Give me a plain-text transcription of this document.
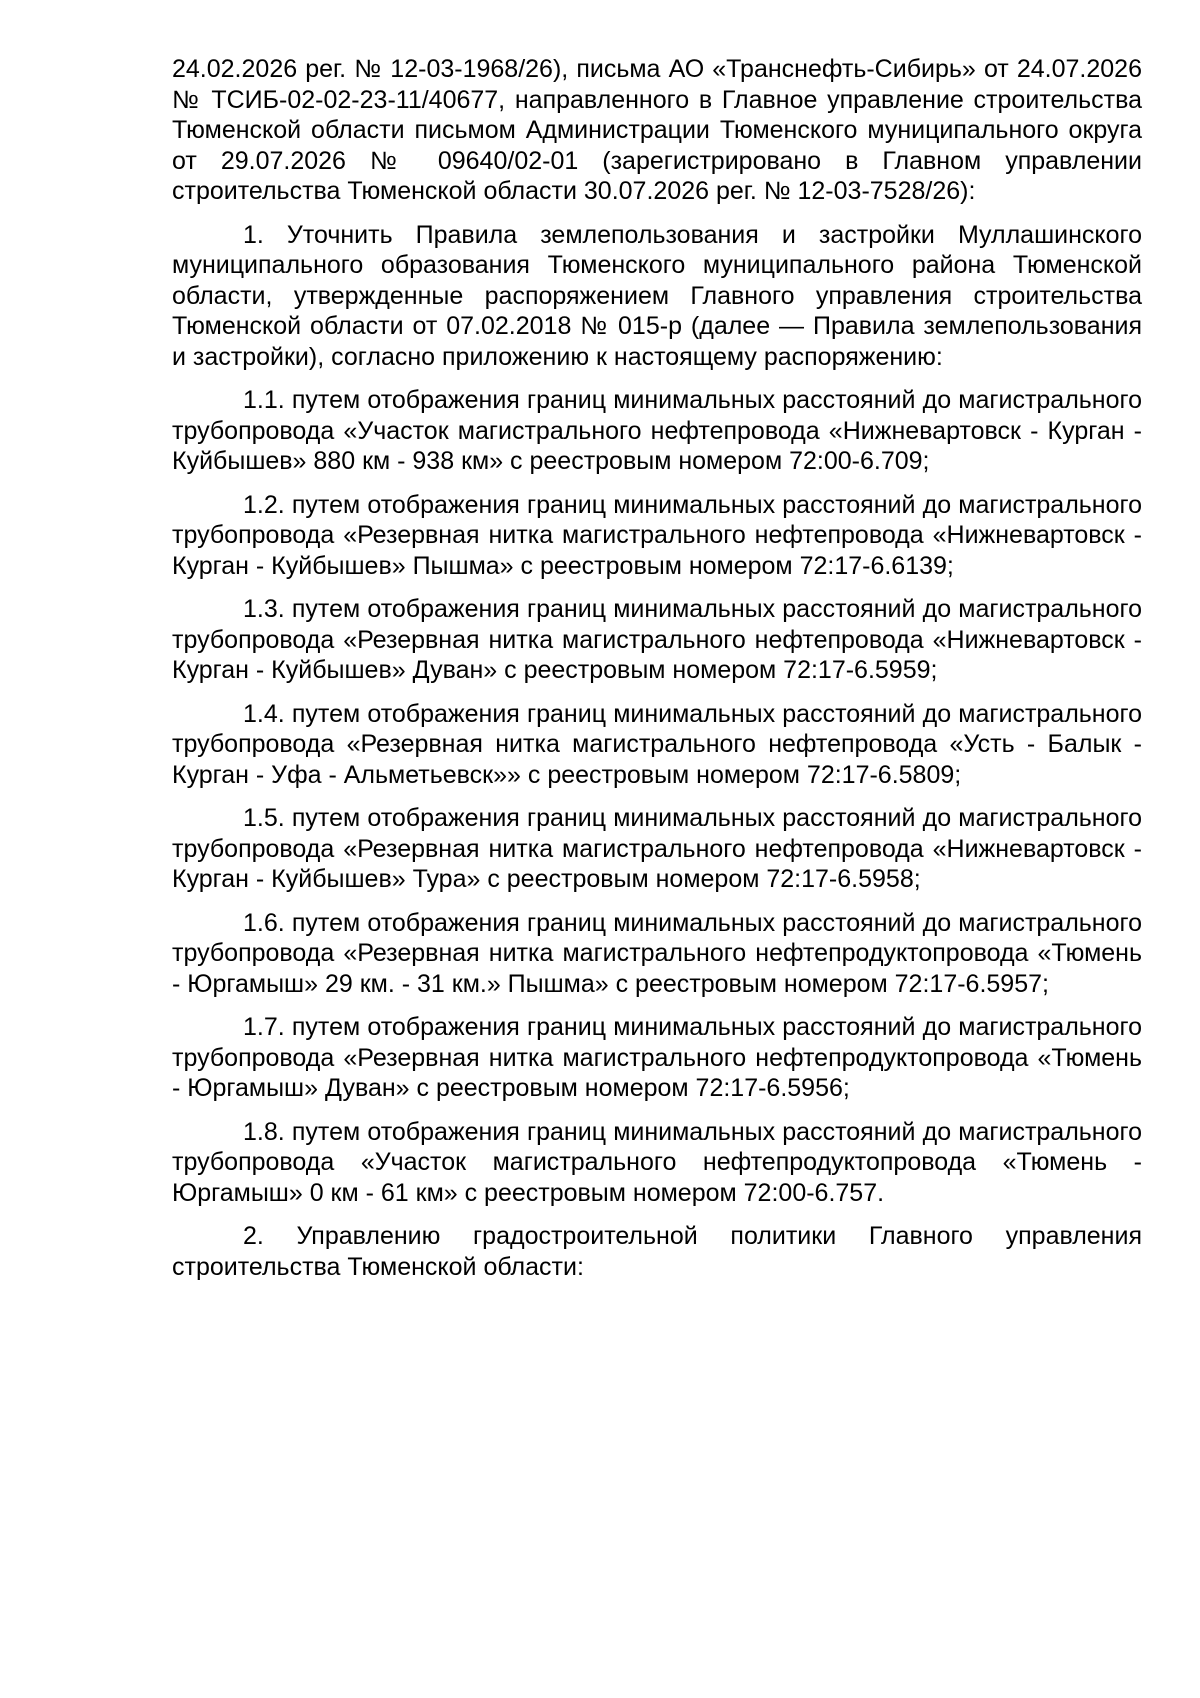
24.02.2026 рег. № 12-03-1968/26), письма АО «Транснефть-Сибирь» от 24.07.2026 № ТСИБ-02-02-23-11/40677, направленного в Главное управление строительства Тюменской области письмом Администрации Тюменского муниципального округа от 29.07.2026 № 09640/02-01 (зарегистрировано в Главном управлении строительства Тюменской области 30.07.2026 рег. № 12-03-7528/26):

1. Уточнить Правила землепользования и застройки Муллашинского муниципального образования Тюменского муниципального района Тюменской области, утвержденные распоряжением Главного управления строительства Тюменской области от 07.02.2018 № 015-р (далее — Правила землепользования и застройки), согласно приложению к настоящему распоряжению:

1.1. путем отображения границ минимальных расстояний до магистрального трубопровода «Участок магистрального нефтепровода «Нижневартовск - Курган - Куйбышев» 880 км - 938 км» с реестровым номером 72:00-6.709;

1.2. путем отображения границ минимальных расстояний до магистрального трубопровода «Резервная нитка магистрального нефтепровода «Нижневартовск - Курган - Куйбышев» Пышма» с реестровым номером 72:17-6.6139;

1.3. путем отображения границ минимальных расстояний до магистрального трубопровода «Резервная нитка магистрального нефтепровода «Нижневартовск - Курган - Куйбышев» Дуван» с реестровым номером 72:17-6.5959;

1.4. путем отображения границ минимальных расстояний до магистрального трубопровода «Резервная нитка магистрального нефтепровода «Усть - Балык - Курган - Уфа - Альметьевск»» с реестровым номером 72:17-6.5809;

1.5. путем отображения границ минимальных расстояний до магистрального трубопровода «Резервная нитка магистрального нефтепровода «Нижневартовск - Курган - Куйбышев» Тура» с реестровым номером 72:17-6.5958;

1.6. путем отображения границ минимальных расстояний до магистрального трубопровода «Резервная нитка магистрального нефтепродуктопровода «Тюмень - Юргамыш» 29 км. - 31 км.» Пышма» с реестровым номером 72:17-6.5957;

1.7. путем отображения границ минимальных расстояний до магистрального трубопровода «Резервная нитка магистрального нефтепродуктопровода «Тюмень - Юргамыш» Дуван» с реестровым номером 72:17-6.5956;

1.8. путем отображения границ минимальных расстояний до магистрального трубопровода «Участок магистрального нефтепродуктопровода «Тюмень - Юргамыш» 0 км - 61 км» с реестровым номером 72:00-6.757.

2. Управлению градостроительной политики Главного управления строительства Тюменской области:
